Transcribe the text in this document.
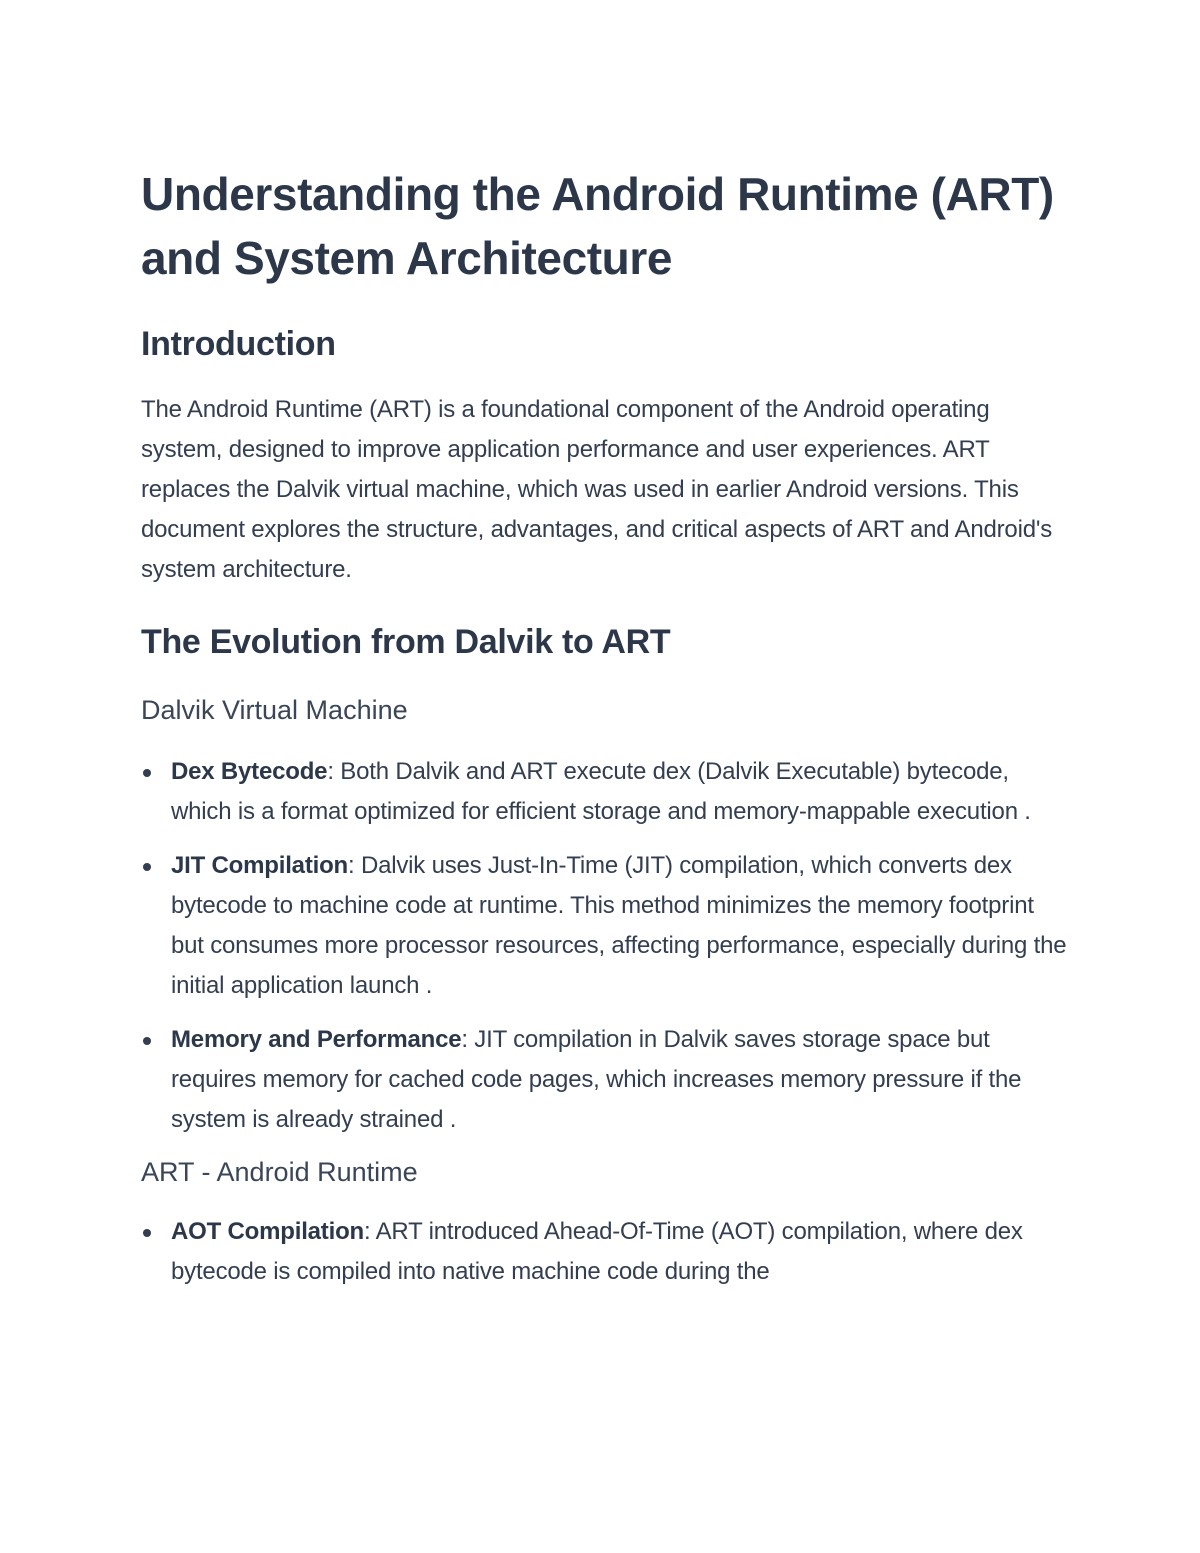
Understanding the Android Runtime (ART) and System Architecture
Introduction

The Android Runtime (ART) is a foundational component of the Android operating system, designed to improve application performance and user experiences. ART replaces the Dalvik virtual machine, which was used in earlier Android versions. This document explores the structure, advantages, and critical aspects of ART and Android's system architecture.

The Evolution from Dalvik to ART
Dalvik Virtual Machine
Dex Bytecode: Both Dalvik and ART execute dex (Dalvik Executable) bytecode, which is a format optimized for efficient storage and memory-mappable execution .
JIT Compilation: Dalvik uses Just-In-Time (JIT) compilation, which converts dex bytecode to machine code at runtime. This method minimizes the memory footprint but consumes more processor resources, affecting performance, especially during the initial application launch .
Memory and Performance: JIT compilation in Dalvik saves storage space but requires memory for cached code pages, which increases memory pressure if the system is already strained .
ART - Android Runtime
AOT Compilation: ART introduced Ahead-Of-Time (AOT) compilation, where dex bytecode is compiled into native machine code during the
